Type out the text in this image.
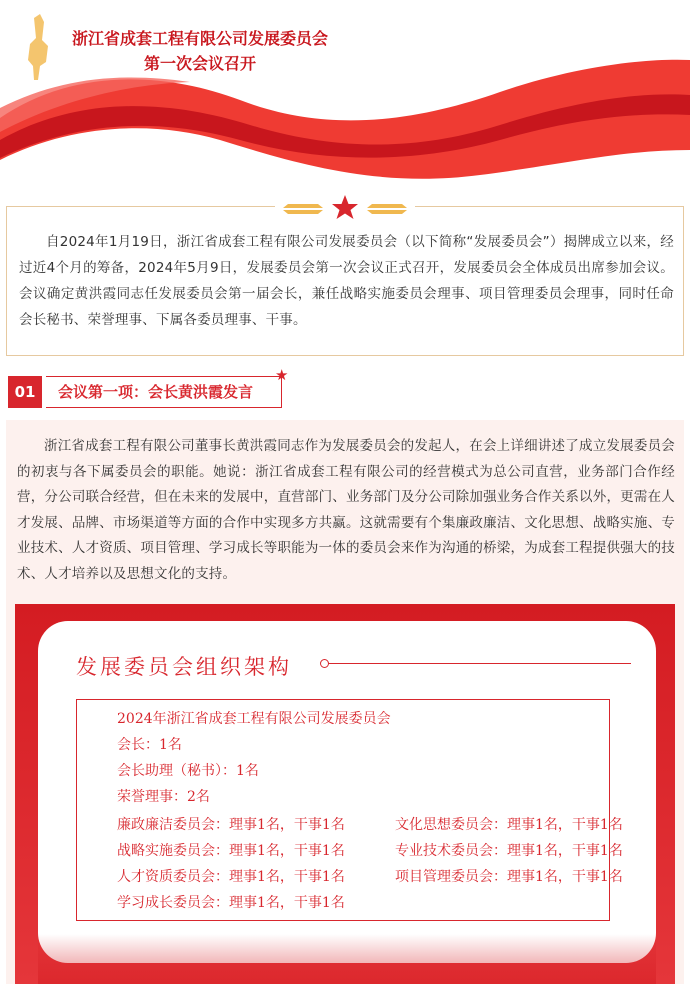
浙江省成套工程有限公司发展委员会
第一次会议召开

自2024年1月19日，浙江省成套工程有限公司发展委员会（以下简称“发展委员会”）揭牌成立以来，经过近4个月的筹备，2024年5月9日，发展委员会第一次会议正式召开，发展委员会全体成员出席参加会议。会议确定黄洪霞同志任发展委员会第一届会长，兼任战略实施委员会理事、项目管理委员会理事，同时任命会长秘书、荣誉理事、下属各委员理事、干事。

01	会议第一项：会长黄洪霞发言
★

浙江省成套工程有限公司董事长黄洪霞同志作为发展委员会的发起人，在会上详细讲述了成立发展委员会的初衷与各下属委员会的职能。她说：浙江省成套工程有限公司的经营模式为总公司直营，业务部门合作经营，分公司联合经营，但在未来的发展中，直营部门、业务部门及分公司除加强业务合作关系以外，更需在人才发展、品牌、市场渠道等方面的合作中实现多方共赢。这就需要有个集廉政廉洁、文化思想、战略实施、专业技术、人才资质、项目管理、学习成长等职能为一体的委员会来作为沟通的桥梁，为成套工程提供强大的技术、人才培养以及思想文化的支持。

发展委员会组织架构
2024年浙江省成套工程有限公司发展委员会
会长：1名
会长助理（秘书）：1名
荣誉理事：2名
廉政廉洁委员会：理事1名，干事1名	文化思想委员会：理事1名，干事1名
战略实施委员会：理事1名，干事1名	专业技术委员会：理事1名，干事1名
人才资质委员会：理事1名，干事1名	项目管理委员会：理事1名，干事1名
学习成长委员会：理事1名，干事1名
